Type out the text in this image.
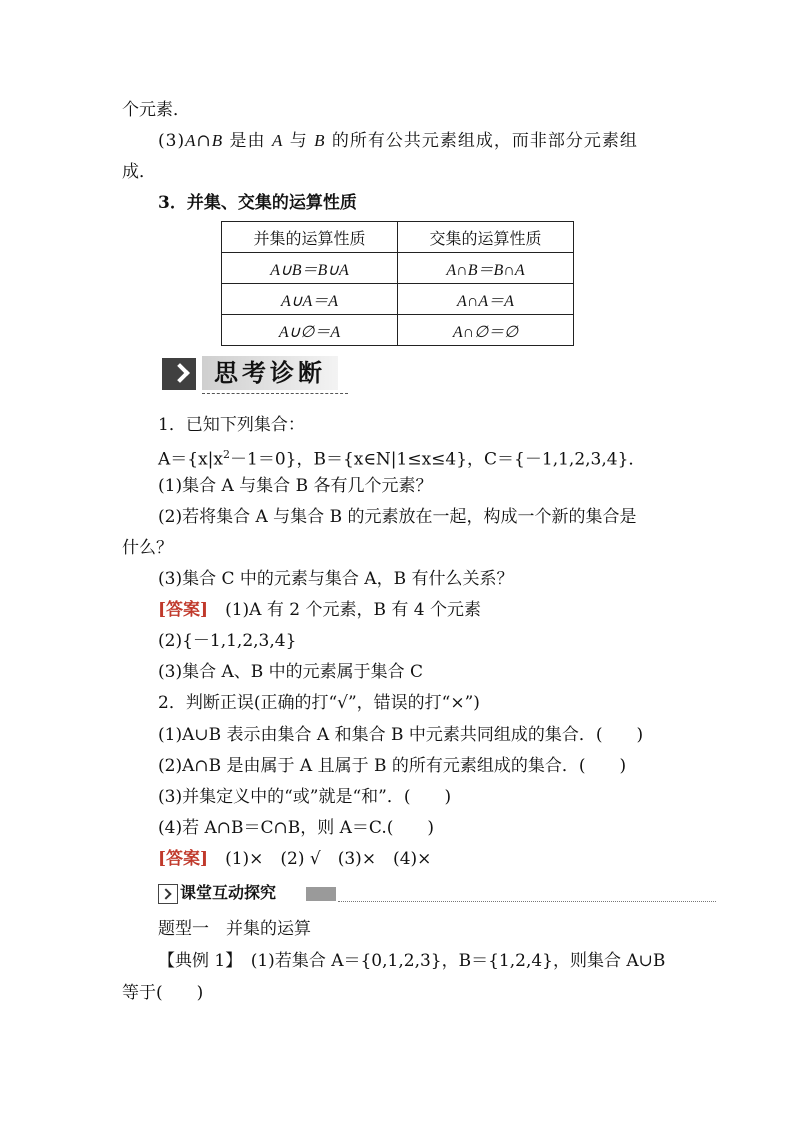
个元素．
(3)A∩B 是由 A 与 B 的所有公共元素组成，而非部分元素组
成．
3．并集、交集的运算性质
并集的运算性质	交集的运算性质
A∪B＝B∪A	A∩B＝B∩A
A∪A＝A	A∩A＝A
A∪∅＝A	A∩∅＝∅
思考诊断
1．已知下列集合：
$A=\{x|x^2-1=0\}$，B＝{x∈N|1≤x≤4}，C＝{－1,1,2,3,4}．
(1)集合 A 与集合 B 各有几个元素？
(2)若将集合 A 与集合 B 的元素放在一起，构成一个新的集合是
什么？
(3)集合 C 中的元素与集合 A，B 有什么关系？
[答案]　(1)A 有 2 个元素，B 有 4 个元素
(2){－1,1,2,3,4}
(3)集合 A、B 中的元素属于集合 C
2．判断正误(正确的打“√”，错误的打“×”)
(1)A∪B 表示由集合 A 和集合 B 中元素共同组成的集合．(　　)
(2)A∩B 是由属于 A 且属于 B 的所有元素组成的集合．(　　)
(3)并集定义中的“或”就是“和”．(　　)
(4)若 A∩B＝C∩B，则 A＝C.(　　)
[答案]　(1)×　(2) √　(3)×　(4)×
课堂互动探究
题型一　并集的运算
【典例 1】　(1)若集合 A＝{0,1,2,3}，B＝{1,2,4}，则集合 A∪B
等于(　　)
